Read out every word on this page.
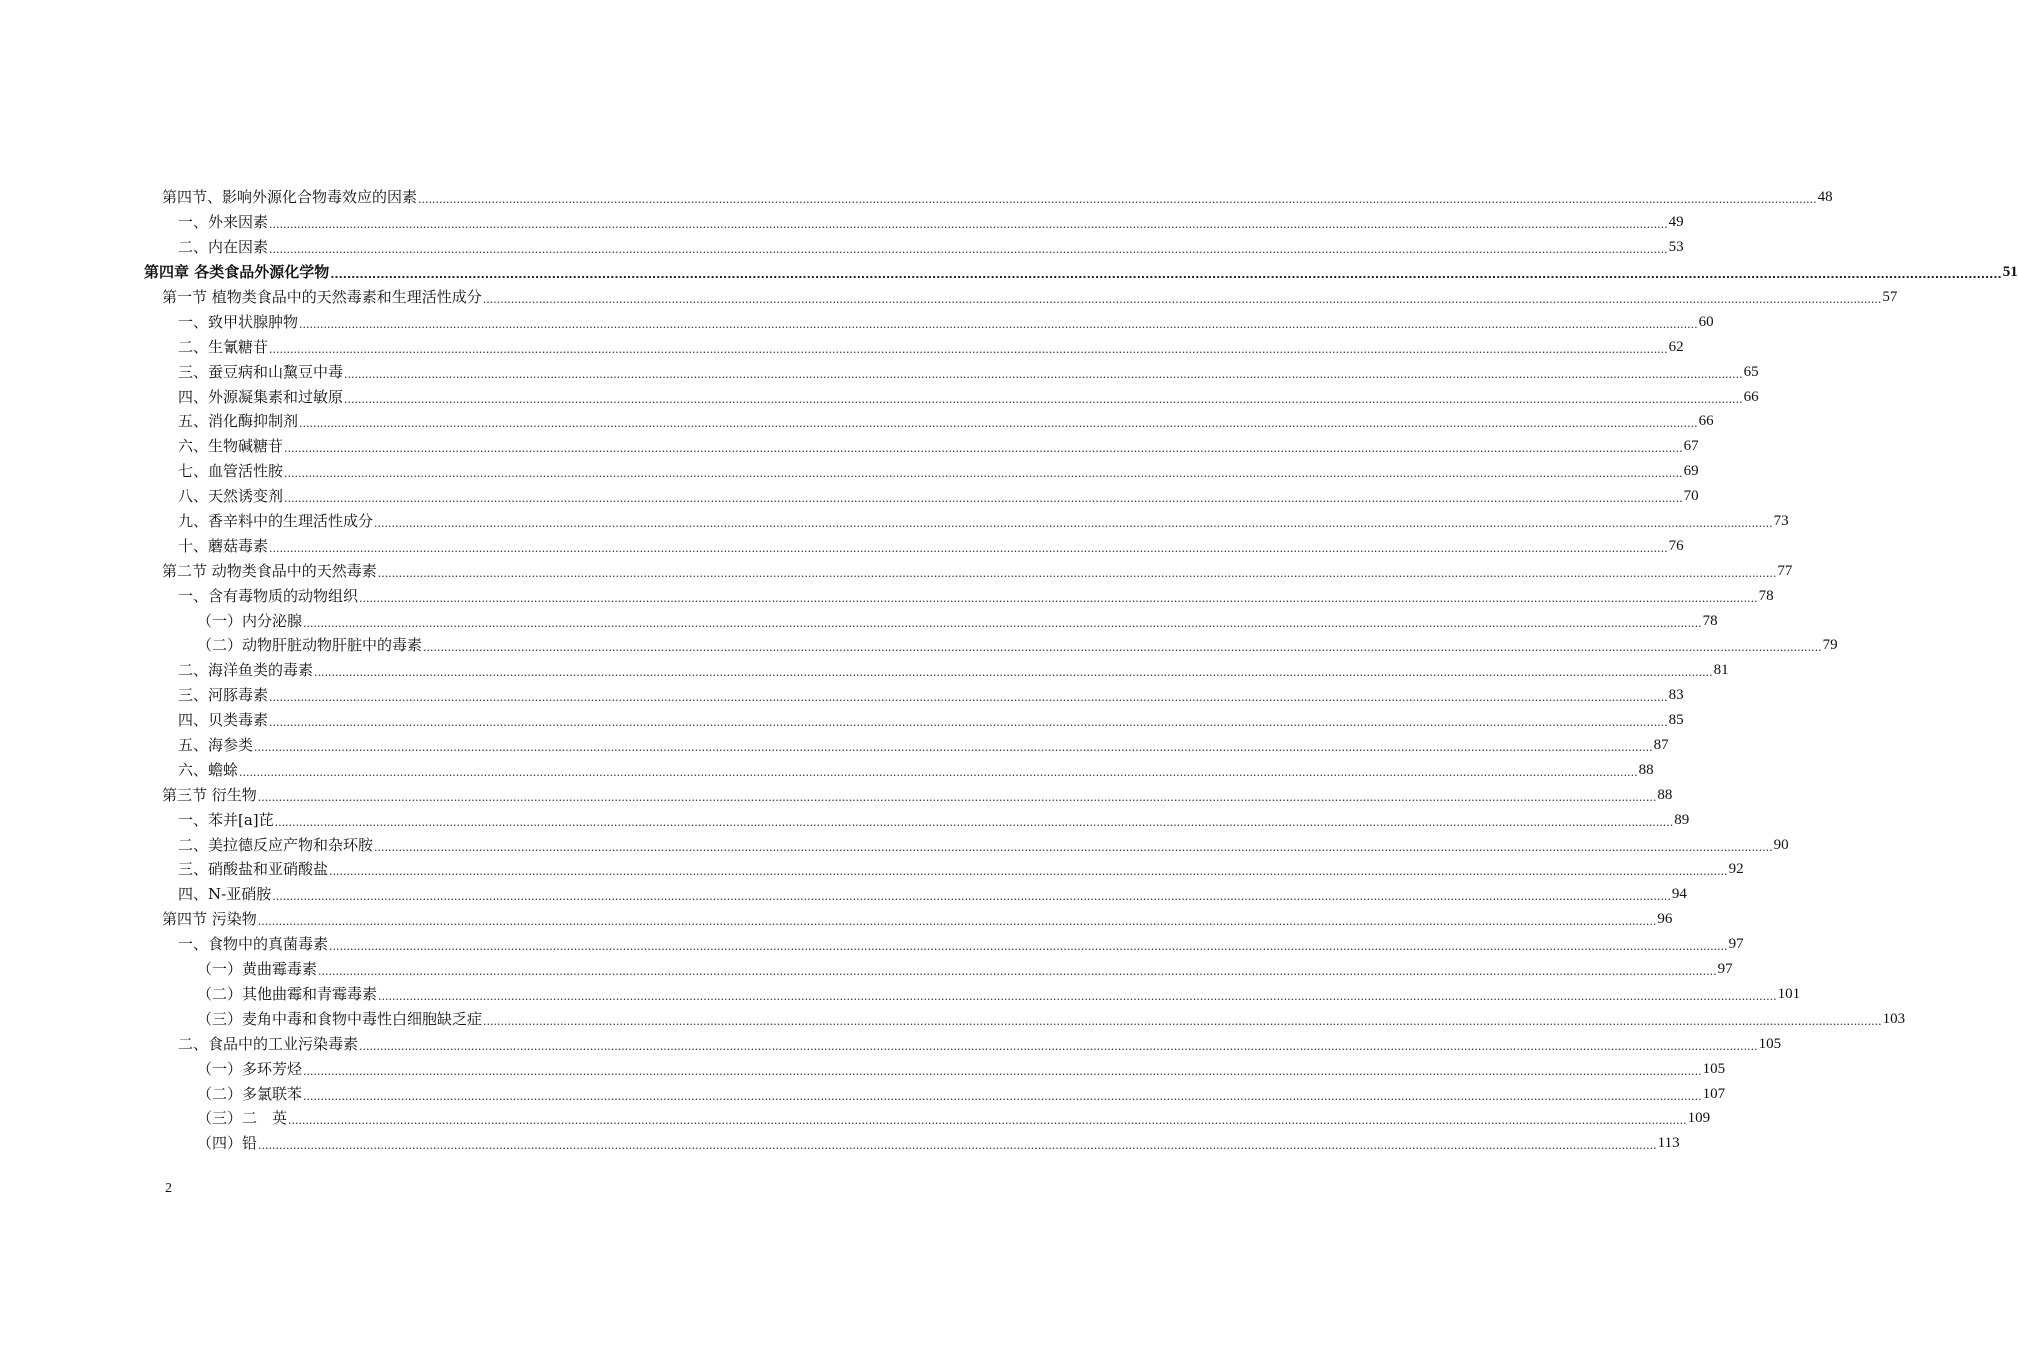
第四节、影响外源化合物毒效应的因素 ................................................................................................................................................................................................................................................................................................................................................................................................................ 48
一、外来因素 ................................................................................................................................................................................................................................................................................................................................................................................................................ 49
二、内在因素 ................................................................................................................................................................................................................................................................................................................................................................................................................ 53
第四章 各类食品外源化学物 ................................................................................................................................................................................................................................................................................................................................................................................................................ 51
第一节 植物类食品中的天然毒素和生理活性成分 ................................................................................................................................................................................................................................................................................................................................................................................................................ 57
一、致甲状腺肿物 ................................................................................................................................................................................................................................................................................................................................................................................................................ 60
二、生氰糖苷 ................................................................................................................................................................................................................................................................................................................................................................................................................ 62
三、蚕豆病和山黧豆中毒 ................................................................................................................................................................................................................................................................................................................................................................................................................ 65
四、外源凝集素和过敏原 ................................................................................................................................................................................................................................................................................................................................................................................................................ 66
五、消化酶抑制剂 ................................................................................................................................................................................................................................................................................................................................................................................................................ 66
六、生物碱糖苷 ................................................................................................................................................................................................................................................................................................................................................................................................................ 67
七、血管活性胺 ................................................................................................................................................................................................................................................................................................................................................................................................................ 69
八、天然诱变剂 ................................................................................................................................................................................................................................................................................................................................................................................................................ 70
九、香辛料中的生理活性成分 ................................................................................................................................................................................................................................................................................................................................................................................................................ 73
十、蘑菇毒素 ................................................................................................................................................................................................................................................................................................................................................................................................................ 76
第二节 动物类食品中的天然毒素 ................................................................................................................................................................................................................................................................................................................................................................................................................ 77
一、含有毒物质的动物组织 ................................................................................................................................................................................................................................................................................................................................................................................................................ 78
（一）内分泌腺 ................................................................................................................................................................................................................................................................................................................................................................................................................ 78
（二）动物肝脏动物肝脏中的毒素 ................................................................................................................................................................................................................................................................................................................................................................................................................ 79
二、海洋鱼类的毒素 ................................................................................................................................................................................................................................................................................................................................................................................................................ 81
三、河豚毒素 ................................................................................................................................................................................................................................................................................................................................................................................................................ 83
四、贝类毒素 ................................................................................................................................................................................................................................................................................................................................................................................................................ 85
五、海参类 ................................................................................................................................................................................................................................................................................................................................................................................................................ 87
六、蟾蜍 ................................................................................................................................................................................................................................................................................................................................................................................................................ 88
第三节 衍生物 ................................................................................................................................................................................................................................................................................................................................................................................................................ 88
一、苯并[a]芘 ................................................................................................................................................................................................................................................................................................................................................................................................................ 89
二、美拉德反应产物和杂环胺 ................................................................................................................................................................................................................................................................................................................................................................................................................ 90
三、硝酸盐和亚硝酸盐 ................................................................................................................................................................................................................................................................................................................................................................................................................ 92
四、N-亚硝胺 ................................................................................................................................................................................................................................................................................................................................................................................................................ 94
第四节 污染物 ................................................................................................................................................................................................................................................................................................................................................................................................................ 96
一、食物中的真菌毒素 ................................................................................................................................................................................................................................................................................................................................................................................................................ 97
（一）黄曲霉毒素 ................................................................................................................................................................................................................................................................................................................................................................................................................ 97
（二）其他曲霉和青霉毒素 ................................................................................................................................................................................................................................................................................................................................................................................................................ 101
（三）麦角中毒和食物中毒性白细胞缺乏症 ................................................................................................................................................................................................................................................................................................................................................................................................................ 103
二、食品中的工业污染毒素 ................................................................................................................................................................................................................................................................................................................................................................................................................ 105
（一）多环芳烃 ................................................................................................................................................................................................................................................................................................................................................................................................................ 105
（二）多氯联苯 ................................................................................................................................................................................................................................................................................................................................................................................................................ 107
（三）二　英 ................................................................................................................................................................................................................................................................................................................................................................................................................ 109
（四）铅 ................................................................................................................................................................................................................................................................................................................................................................................................................ 113
2
